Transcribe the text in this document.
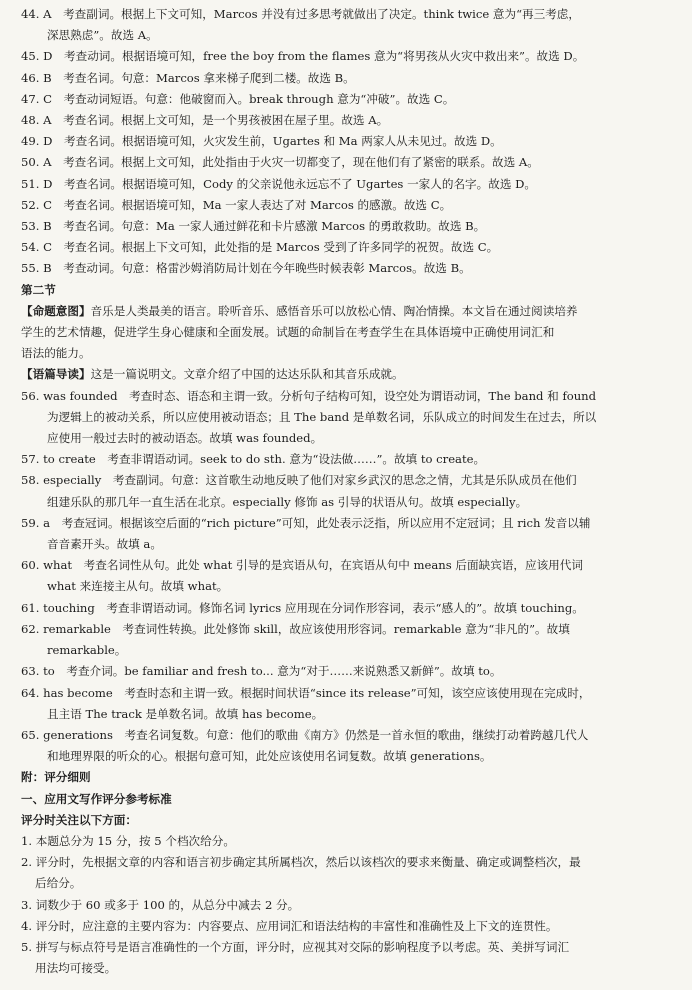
44. A　考查副词。根据上下文可知，Marcos 并没有过多思考就做出了决定。think twice 意为“再三考虑，
深思熟虑”。故选 A。
45. D　考查动词。根据语境可知，free the boy from the flames 意为“将男孩从火灾中救出来”。故选 D。
46. B　考查名词。句意：Marcos 拿来梯子爬到二楼。故选 B。
47. C　考查动词短语。句意：他破窗而入。break through 意为“冲破”。故选 C。
48. A　考查名词。根据上文可知，是一个男孩被困在屋子里。故选 A。
49. D　考查名词。根据语境可知，火灾发生前，Ugartes 和 Ma 两家人从未见过。故选 D。
50. A　考查名词。根据上文可知，此处指由于火灾一切都变了，现在他们有了紧密的联系。故选 A。
51. D　考查名词。根据语境可知，Cody 的父亲说他永远忘不了 Ugartes 一家人的名字。故选 D。
52. C　考查名词。根据语境可知，Ma 一家人表达了对 Marcos 的感激。故选 C。
53. B　考查名词。句意：Ma 一家人通过鲜花和卡片感激 Marcos 的勇敢救助。故选 B。
54. C　考查名词。根据上下文可知，此处指的是 Marcos 受到了许多同学的祝贺。故选 C。
55. B　考查动词。句意：格雷沙姆消防局计划在今年晚些时候表彰 Marcos。故选 B。
第二节
【命题意图】音乐是人类最美的语言。聆听音乐、感悟音乐可以放松心情、陶冶情操。本文旨在通过阅读培养
学生的艺术情趣，促进学生身心健康和全面发展。试题的命制旨在考查学生在具体语境中正确使用词汇和
语法的能力。
【语篇导读】这是一篇说明文。文章介绍了中国的达达乐队和其音乐成就。
56. was founded　考查时态、语态和主谓一致。分析句子结构可知，设空处为谓语动词，The band 和 found
为逻辑上的被动关系，所以应使用被动语态；且 The band 是单数名词，乐队成立的时间发生在过去，所以
应使用一般过去时的被动语态。故填 was founded。
57. to create　考查非谓语动词。seek to do sth. 意为“设法做……”。故填 to create。
58. especially　考查副词。句意：这首歌生动地反映了他们对家乡武汉的思念之情，尤其是乐队成员在他们
组建乐队的那几年一直生活在北京。especially 修饰 as 引导的状语从句。故填 especially。
59. a　考查冠词。根据该空后面的“rich picture”可知，此处表示泛指，所以应用不定冠词；且 rich 发音以辅
音音素开头。故填 a。
60. what　考查名词性从句。此处 what 引导的是宾语从句，在宾语从句中 means 后面缺宾语，应该用代词
what 来连接主从句。故填 what。
61. touching　考查非谓语动词。修饰名词 lyrics 应用现在分词作形容词，表示“感人的”。故填 touching。
62. remarkable　考查词性转换。此处修饰 skill，故应该使用形容词。remarkable 意为“非凡的”。故填
remarkable。
63. to　考查介词。be familiar and fresh to... 意为“对于……来说熟悉又新鲜”。故填 to。
64. has become　考查时态和主谓一致。根据时间状语“since its release”可知，该空应该使用现在完成时，
且主语 The track 是单数名词。故填 has become。
65. generations　考查名词复数。句意：他们的歌曲《南方》仍然是一首永恒的歌曲，继续打动着跨越几代人
和地理界限的听众的心。根据句意可知，此处应该使用名词复数。故填 generations。
附：评分细则
一、应用文写作评分参考标准
评分时关注以下方面：
1. 本题总分为 15 分，按 5 个档次给分。
2. 评分时，先根据文章的内容和语言初步确定其所属档次，然后以该档次的要求来衡量、确定或调整档次，最
后给分。
3. 词数少于 60 或多于 100 的，从总分中减去 2 分。
4. 评分时，应注意的主要内容为：内容要点、应用词汇和语法结构的丰富性和准确性及上下文的连贯性。
5. 拼写与标点符号是语言准确性的一个方面，评分时，应视其对交际的影响程度予以考虑。英、美拼写词汇
用法均可接受。
